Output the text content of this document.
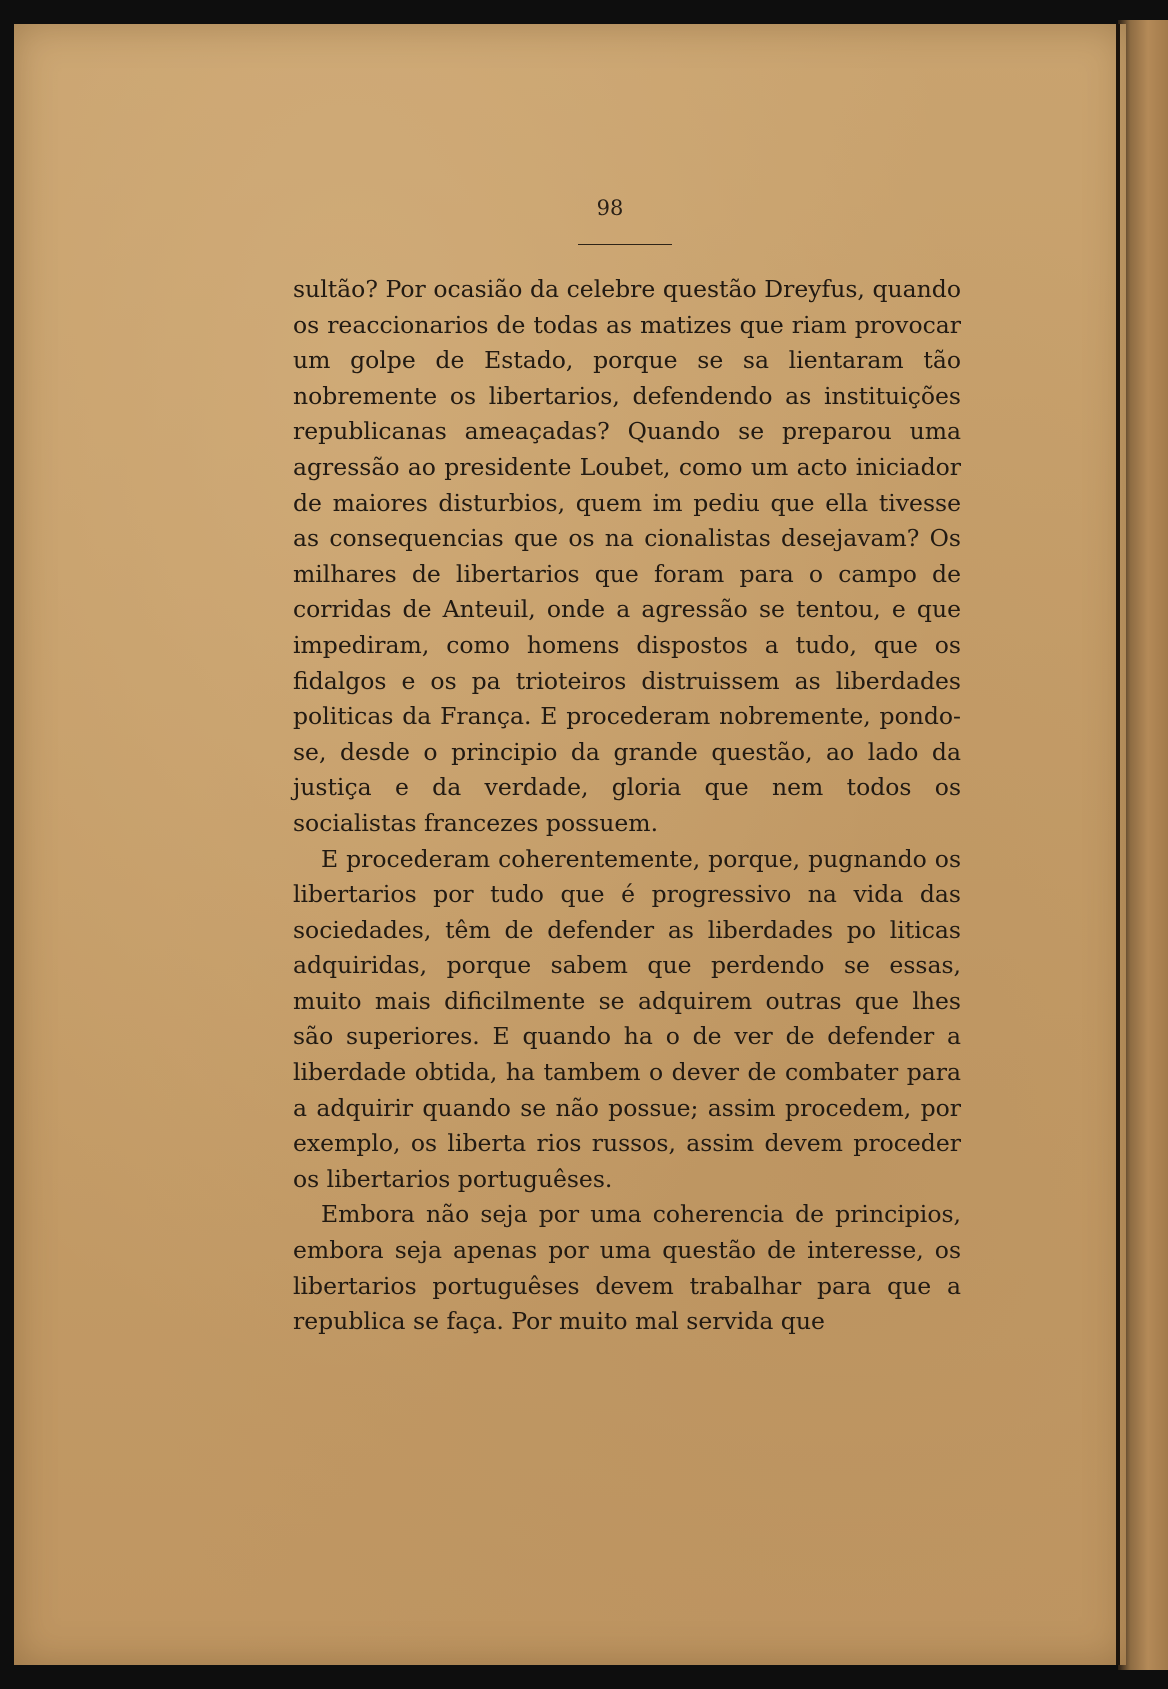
98

sultão? Por ocasião da celebre questão Dreyfus, quando os reaccionarios de todas as matizes que riam provocar um golpe de Estado, porque se sa lientaram tão nobremente os libertarios, defendendo as instituições republicanas ameaçadas? Quando se preparou uma agressão ao presidente Loubet, como um acto iniciador de maiores disturbios, quem im pediu que ella tivesse as consequencias que os na cionalistas desejavam? Os milhares de libertarios que foram para o campo de corridas de Anteuil, onde a agressão se tentou, e que impediram, como homens dispostos a tudo, que os fidalgos e os pa trioteiros distruissem as liberdades politicas da França. E procederam nobremente, pondo-se, desde o principio da grande questão, ao lado da justiça e da verdade, gloria que nem todos os socialistas francezes possuem.

E procederam coherentemente, porque, pugnando os libertarios por tudo que é progressivo na vida das sociedades, têm de defender as liberdades po liticas adquiridas, porque sabem que perdendo se essas, muito mais dificilmente se adquirem outras que lhes são superiores. E quando ha o de ver de defender a liberdade obtida, ha tambem o dever de combater para a adquirir quando se não possue; assim procedem, por exemplo, os liberta rios russos, assim devem proceder os libertarios portuguêses.

Embora não seja por uma coherencia de principios, embora seja apenas por uma questão de interesse, os libertarios portuguêses devem trabalhar para que a republica se faça. Por muito mal servida que
